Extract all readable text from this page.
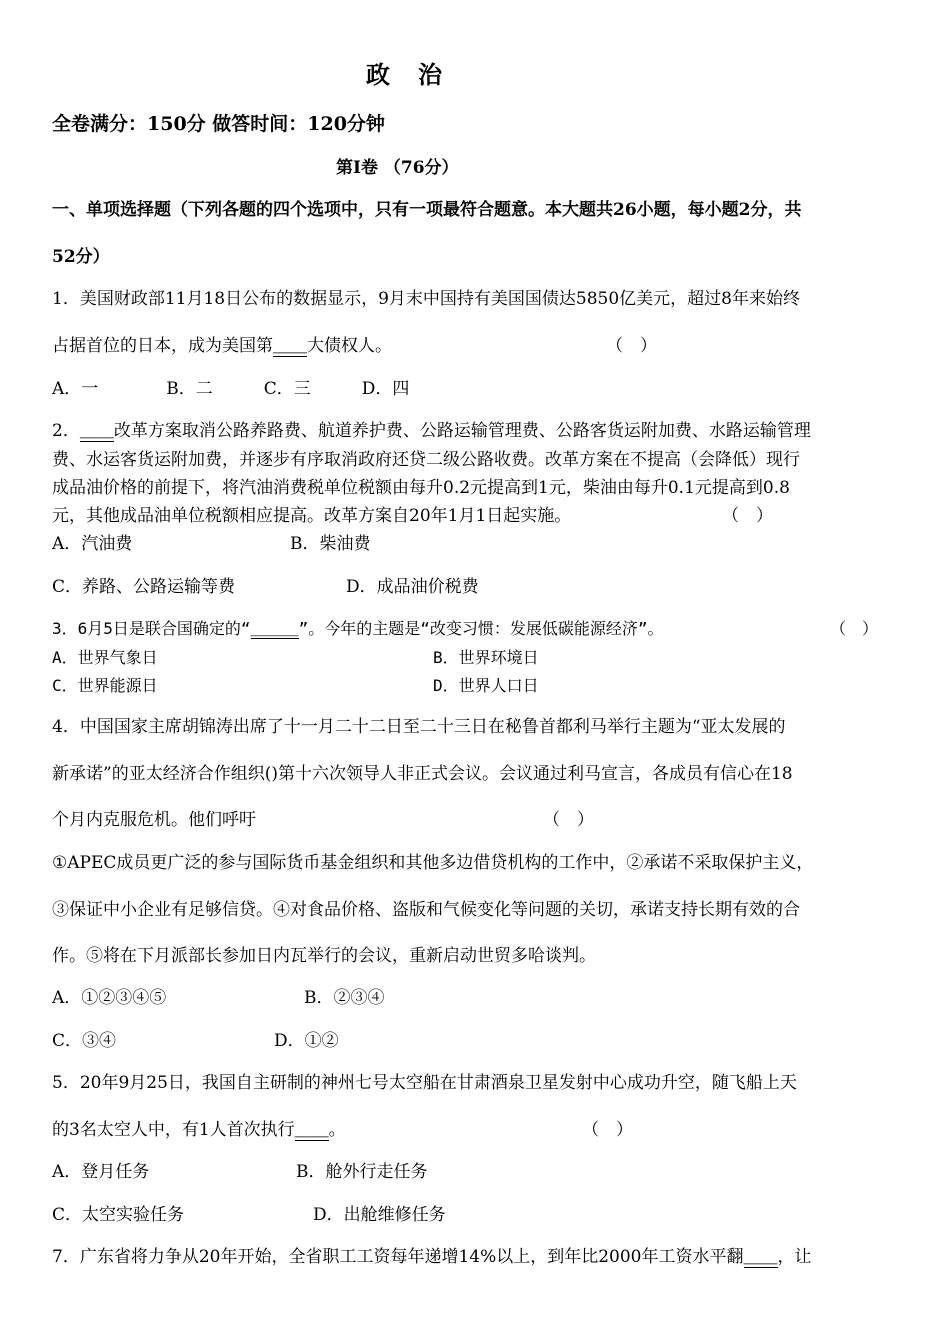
政　治
全卷满分：150分 做答时间：120分钟
第Ⅰ卷 （76分）
一、单项选择题（下列各题的四个选项中，只有一项最符合题意。本大题共26小题，每小题2分，共
52分）
1．美国财政部11月18日公布的数据显示，9月末中国持有美国国债达5850亿美元，超过8年来始终
占据首位的日本，成为美国第＿＿大债权人。	（　）
A．一　　　　B．二　　　C．三　　　D．四
2．＿＿改革方案取消公路养路费、航道养护费、公路运输管理费、公路客货运附加费、水路运输管理
费、水运客货运附加费，并逐步有序取消政府还贷二级公路收费。改革方案在不提高（会降低）现行
成品油价格的前提下，将汽油消费税单位税额由每升0.2元提高到1元，柴油由每升0.1元提高到0.8
元，其他成品油单位税额相应提高。改革方案自20年1月1日起实施。	（　）
A．汽油费	B．柴油费
C．养路、公路运输等费	D．成品油价税费
3．6月5日是联合国确定的“＿＿＿”。今年的主题是“改变习惯：发展低碳能源经济”。	（　）
A．世界气象日	B．世界环境日
C．世界能源日	D．世界人口日
4．中国国家主席胡锦涛出席了十一月二十二日至二十三日在秘鲁首都利马举行主题为“亚太发展的
新承诺”的亚太经济合作组织()第十六次领导人非正式会议。会议通过利马宣言，各成员有信心在18
个月内克服危机。他们呼吁	（　）
①APEC成员更广泛的参与国际货币基金组织和其他多边借贷机构的工作中，②承诺不采取保护主义，
③保证中小企业有足够信贷。④对食品价格、盗版和气候变化等问题的关切，承诺支持长期有效的合
作。⑤将在下月派部长参加日内瓦举行的会议，重新启动世贸多哈谈判。
A．①②③④⑤	B．②③④
C．③④	D．①②
5．20年9月25日，我国自主研制的神州七号太空船在甘肃酒泉卫星发射中心成功升空，随飞船上天
的3名太空人中，有1人首次执行＿＿。	（　）
A．登月任务	B．舱外行走任务
C．太空实验任务	D．出舱维修任务
7．广东省将力争从20年开始，全省职工工资每年递增14%以上，到年比2000年工资水平翻＿＿，让
